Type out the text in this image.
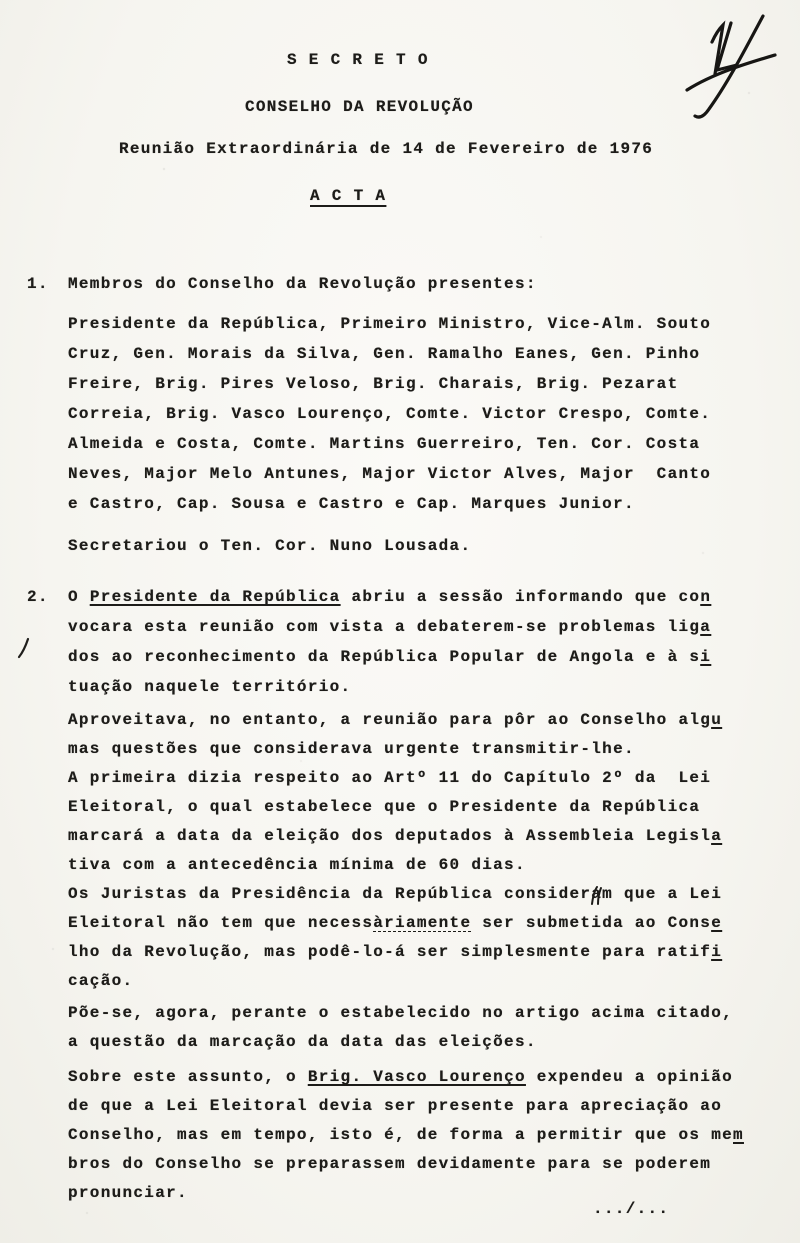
S E C R E T O
CONSELHO DA REVOLUÇÃO
Reunião Extraordinária de 14 de Fevereiro de 1976
A C T A
1. Membros do Conselho da Revolução presentes:
Presidente da República, Primeiro Ministro, Vice-Alm. Souto
Cruz, Gen. Morais da Silva, Gen. Ramalho Eanes, Gen. Pinho
Freire, Brig. Pires Veloso, Brig. Charais, Brig. Pezarat
Correia, Brig. Vasco Lourenço, Comte. Victor Crespo, Comte.
Almeida e Costa, Comte. Martins Guerreiro, Ten. Cor. Costa
Neves, Major Melo Antunes, Major Victor Alves, Major  Canto
e Castro, Cap. Sousa e Castro e Cap. Marques Junior.
Secretariou o Ten. Cor. Nuno Lousada.
2. O Presidente da República abriu a sessão informando que con
vocara esta reunião com vista a debaterem-se problemas liga
dos ao reconhecimento da República Popular de Angola e à si
tuação naquele território.
Aproveitava, no entanto, a reunião para pôr ao Conselho algu
mas questões que considerava urgente transmitir-lhe.
A primeira dizia respeito ao Artº 11 do Capítulo 2º da  Lei
Eleitoral, o qual estabelece que o Presidente da República
marcará a data da eleição dos deputados à Assembleia Legisla
tiva com a antecedência mínima de 60 dias.
Os Juristas da Presidência da República consideram que a Lei
Eleitoral não tem que necessàriamente ser submetida ao Conse
lho da Revolução, mas podê-lo-á ser simplesmente para ratifi
cação.
Põe-se, agora, perante o estabelecido no artigo acima citado,
a questão da marcação da data das eleições.
Sobre este assunto, o Brig. Vasco Lourenço expendeu a opinião
de que a Lei Eleitoral devia ser presente para apreciação ao
Conselho, mas em tempo, isto é, de forma a permitir que os mem
bros do Conselho se preparassem devidamente para se poderem
pronunciar.
.../...
